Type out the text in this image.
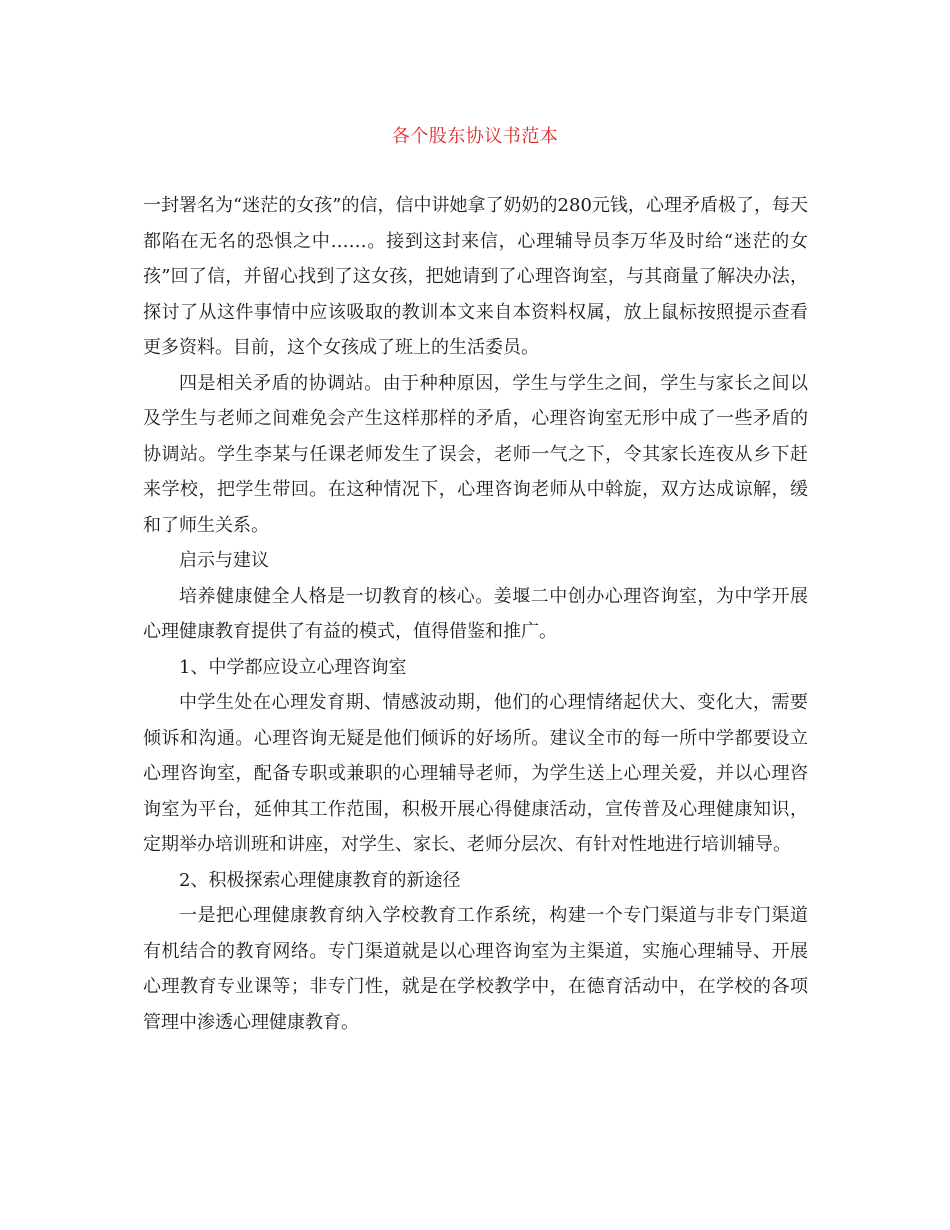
各个股东协议书范本

一封署名为“迷茫的女孩”的信，信中讲她拿了奶奶的280元钱，心理矛盾极了，每天都陷在无名的恐惧之中……。接到这封来信，心理辅导员李万华及时给“迷茫的女孩”回了信，并留心找到了这女孩，把她请到了心理咨询室，与其商量了解决办法，探讨了从这件事情中应该吸取的教训本文来自本资料权属，放上鼠标按照提示查看更多资料。目前，这个女孩成了班上的生活委员。

四是相关矛盾的协调站。由于种种原因，学生与学生之间，学生与家长之间以及学生与老师之间难免会产生这样那样的矛盾，心理咨询室无形中成了一些矛盾的协调站。学生李某与任课老师发生了误会，老师一气之下，令其家长连夜从乡下赶来学校，把学生带回。在这种情况下，心理咨询老师从中斡旋，双方达成谅解，缓和了师生关系。

启示与建议

培养健康健全人格是一切教育的核心。姜堰二中创办心理咨询室，为中学开展心理健康教育提供了有益的模式，值得借鉴和推广。

1、中学都应设立心理咨询室

中学生处在心理发育期、情感波动期，他们的心理情绪起伏大、变化大，需要倾诉和沟通。心理咨询无疑是他们倾诉的好场所。建议全市的每一所中学都要设立心理咨询室，配备专职或兼职的心理辅导老师，为学生送上心理关爱，并以心理咨询室为平台，延伸其工作范围，积极开展心得健康活动，宣传普及心理健康知识，定期举办培训班和讲座，对学生、家长、老师分层次、有针对性地进行培训辅导。

2、积极探索心理健康教育的新途径

一是把心理健康教育纳入学校教育工作系统，构建一个专门渠道与非专门渠道有机结合的教育网络。专门渠道就是以心理咨询室为主渠道，实施心理辅导、开展心理教育专业课等；非专门性，就是在学校教学中，在德育活动中，在学校的各项管理中渗透心理健康教育。
